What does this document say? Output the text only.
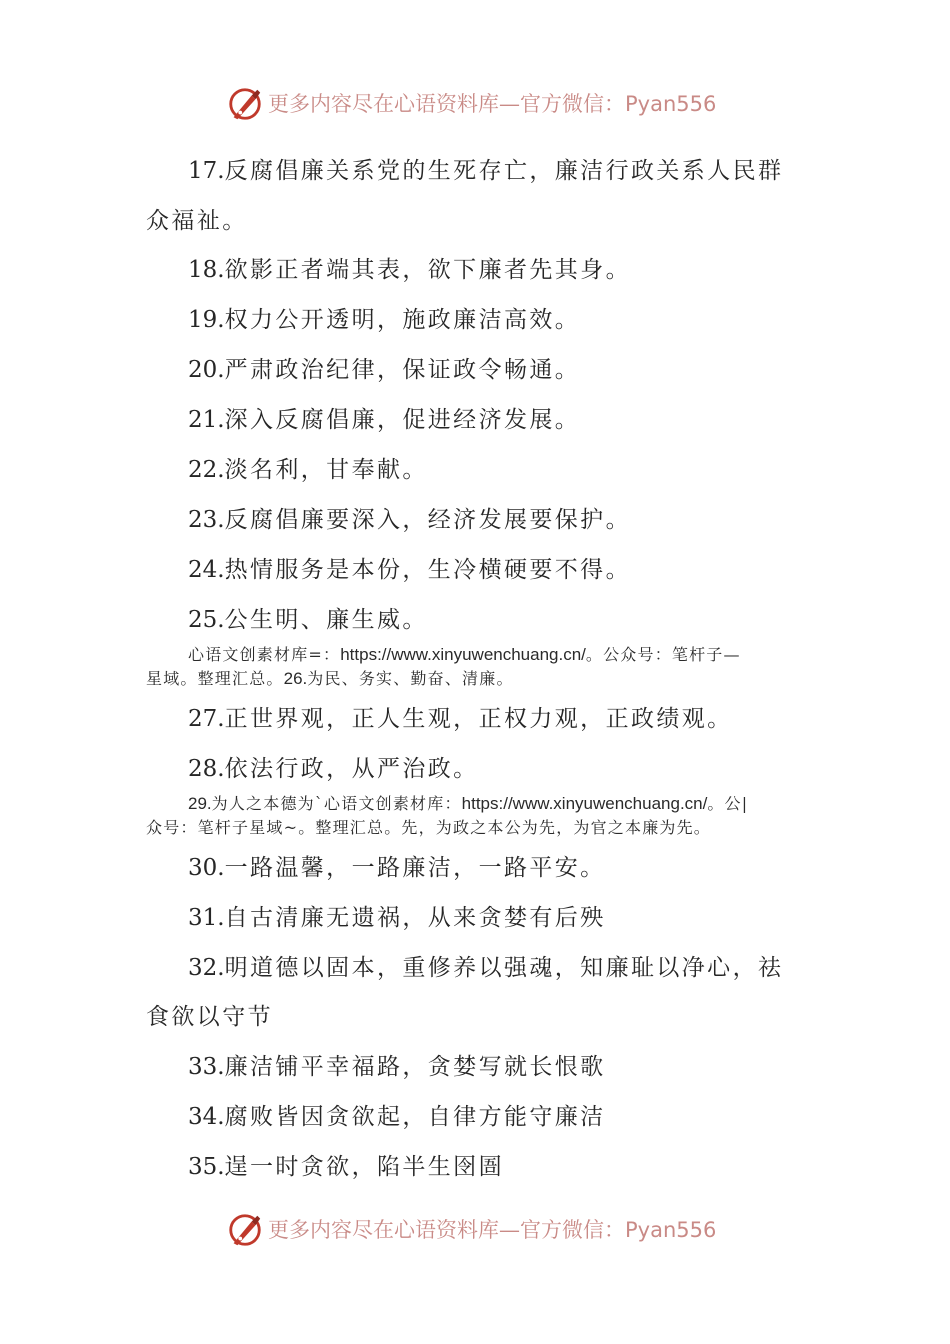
更多内容尽在心语资料库—官方微信：Pyan556
17.反腐倡廉关系党的生死存亡，廉洁行政关系人民群
众福祉。
18.欲影正者端其表，欲下廉者先其身。
19.权力公开透明，施政廉洁高效。
20.严肃政治纪律，保证政令畅通。
21.深入反腐倡廉，促进经济发展。
22.淡名利，甘奉献。
23.反腐倡廉要深入，经济发展要保护。
24.热情服务是本份，生冷横硬要不得。
25.公生明、廉生威。
心语文创素材库=：https://www.xinyuwenchuang.cn/。公众号：笔杆子—
星域。整理汇总。26.为民、务实、勤奋、清廉。
27.正世界观，正人生观，正权力观，正政绩观。
28.依法行政，从严治政。
29.为人之本德为`心语文创素材库：https://www.xinyuwenchuang.cn/。公|
众号：笔杆子星域~。整理汇总。先，为政之本公为先，为官之本廉为先。
30.一路温馨，一路廉洁，一路平安。
31.自古清廉无遗祸，从来贪婪有后殃
32.明道德以固本，重修养以强魂，知廉耻以净心，祛
食欲以守节
33.廉洁铺平幸福路，贪婪写就长恨歌
34.腐败皆因贪欲起，自律方能守廉洁
35.逞一时贪欲，陷半生囹圄
更多内容尽在心语资料库—官方微信：Pyan556
